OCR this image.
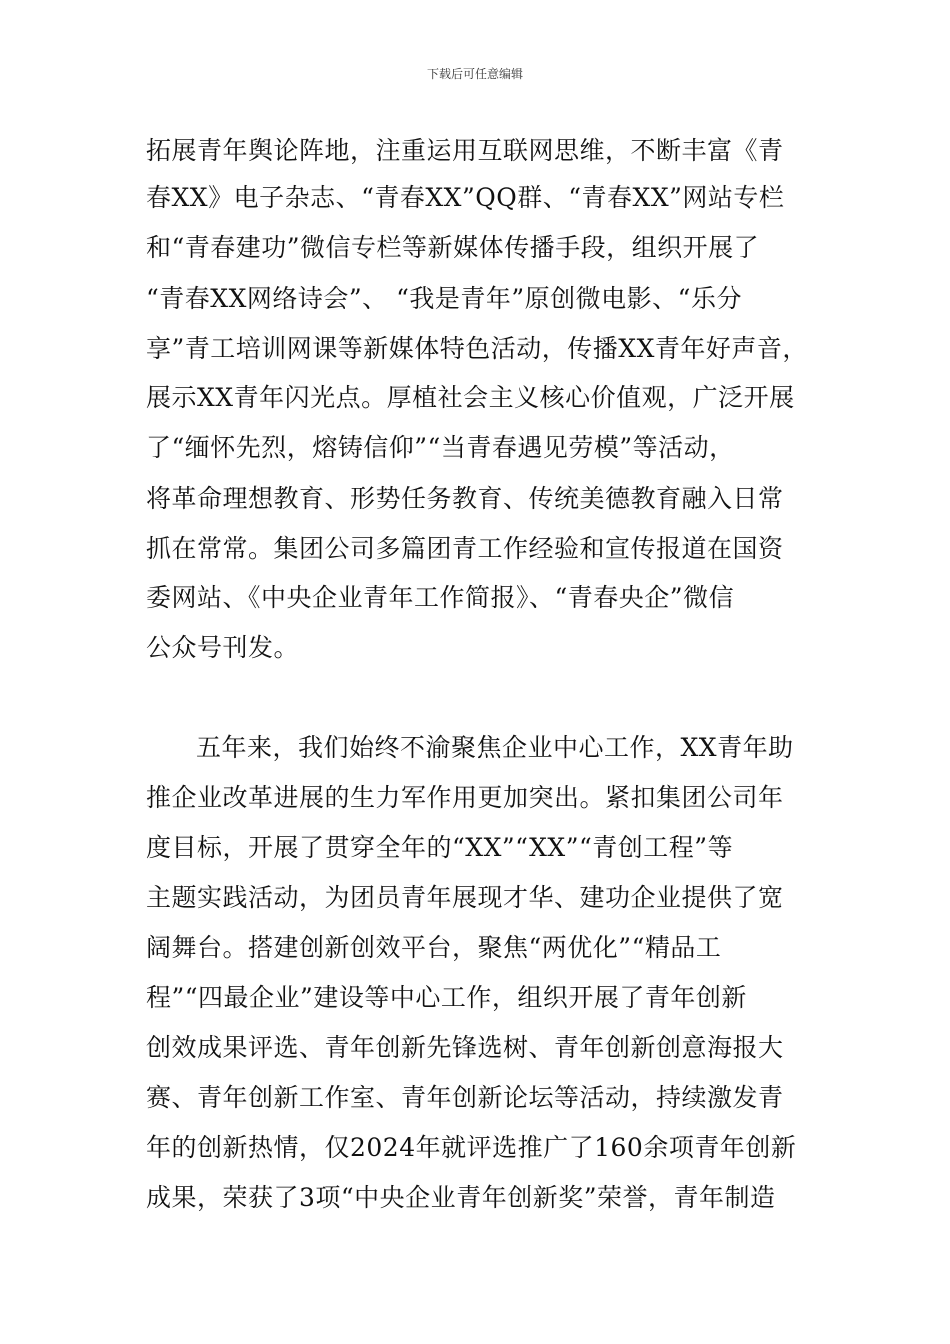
下载后可任意编辑
拓展青年舆论阵地，注重运用互联网思维，不断丰富《青
春XX》电子杂志、“青春XX”QQ群、“青春XX”网站专栏
和“青春建功”微信专栏等新媒体传播手段，组织开展了
“青春XX网络诗会”、 “我是青年”原创微电影、“乐分
享”青工培训网课等新媒体特色活动，传播XX青年好声音，
展示XX青年闪光点。厚植社会主义核心价值观，广泛开展
了“缅怀先烈，熔铸信仰”“当青春遇见劳模”等活动，
将革命理想教育、形势任务教育、传统美德教育融入日常
抓在常常。集团公司多篇团青工作经验和宣传报道在国资
委网站、《中央企业青年工作简报》、“青春央企”微信
公众号刊发。
五年来，我们始终不渝聚焦企业中心工作，XX青年助
推企业改革进展的生力军作用更加突出。紧扣集团公司年
度目标，开展了贯穿全年的“XX”“XX”“青创工程”等
主题实践活动，为团员青年展现才华、建功企业提供了宽
阔舞台。搭建创新创效平台，聚焦“两优化”“精品工
程”“四最企业”建设等中心工作，组织开展了青年创新
创效成果评选、青年创新先锋选树、青年创新创意海报大
赛、青年创新工作室、青年创新论坛等活动，持续激发青
年的创新热情，仅2024年就评选推广了160余项青年创新
成果，荣获了3项“中央企业青年创新奖”荣誉，青年制造
